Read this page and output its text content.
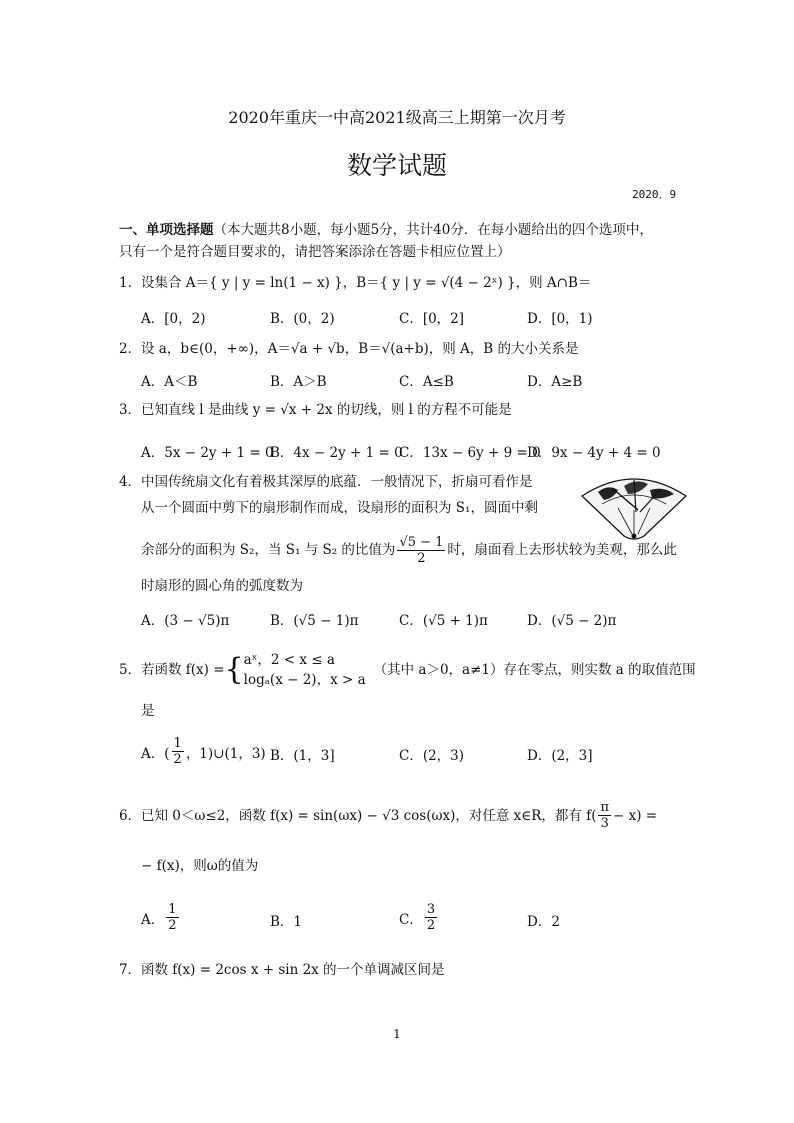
2020年重庆一中高2021级高三上期第一次月考
数学试题
2020．9
一、单项选择题（本大题共8小题，每小题5分，共计40分．在每小题给出的四个选项中，
只有一个是符合题目要求的，请把答案添涂在答题卡相应位置上）
1．设集合 A＝{ y | y = ln(1 − x) }，B＝{ y | y = √(4 − 2ˣ) }，则 A∩B＝
A．[0，2)	B．(0，2)	C．[0，2]	D．[0，1)
2．设 a，b∈(0，+∞)，A＝√a + √b，B＝√(a+b)，则 A，B 的大小关系是
A．A＜B	B．A＞B	C．A≤B	D．A≥B
3．已知直线 l 是曲线 y = √x + 2x 的切线，则 l 的方程不可能是
A．5x − 2y + 1 = 0
B．4x − 2y + 1 = 0
C．13x − 6y + 9 = 0
D．9x − 4y + 4 = 0
4．中国传统扇文化有着极其深厚的底蕴．一般情况下，折扇可看作是
从一个圆面中剪下的扇形制作而成，设扇形的面积为 S₁，圆面中剩
余部分的面积为 S₂，当 S₁ 与 S₂ 的比值为 $\frac{√5 - 1}{2}$ 时，扇面看上去形状较为美观，那么此
时扇形的圆心角的弧度数为
A．(3 − √5)π	B．(√5 − 1)π	C．(√5 + 1)π	D．(√5 − 2)π
5． 若函数 f(x) = { aˣ，2 < x ≤ a
logₐ(x − 2)，x > a
（其中 a＞0，a≠1）存在零点，则实数 a 的取值范围
是
A．( $\frac{1}{2}$ ，1)∪(1，3) B．(1，3]	C．(2，3)	D．(2，3]
6． 已知 0＜ω≤2，函数 f(x) = sin(ωx) − √3 cos(ωx)，对任意 x∈R，都有 $f( \frac{\pi}{3} - x)$ =
− f(x)，则ω的值为
A． $\frac{1}{2}$	B．1	C． $\frac{3}{2}$	D．2
7．函数 f(x) = 2cos x + sin 2x 的一个单调减区间是
1
